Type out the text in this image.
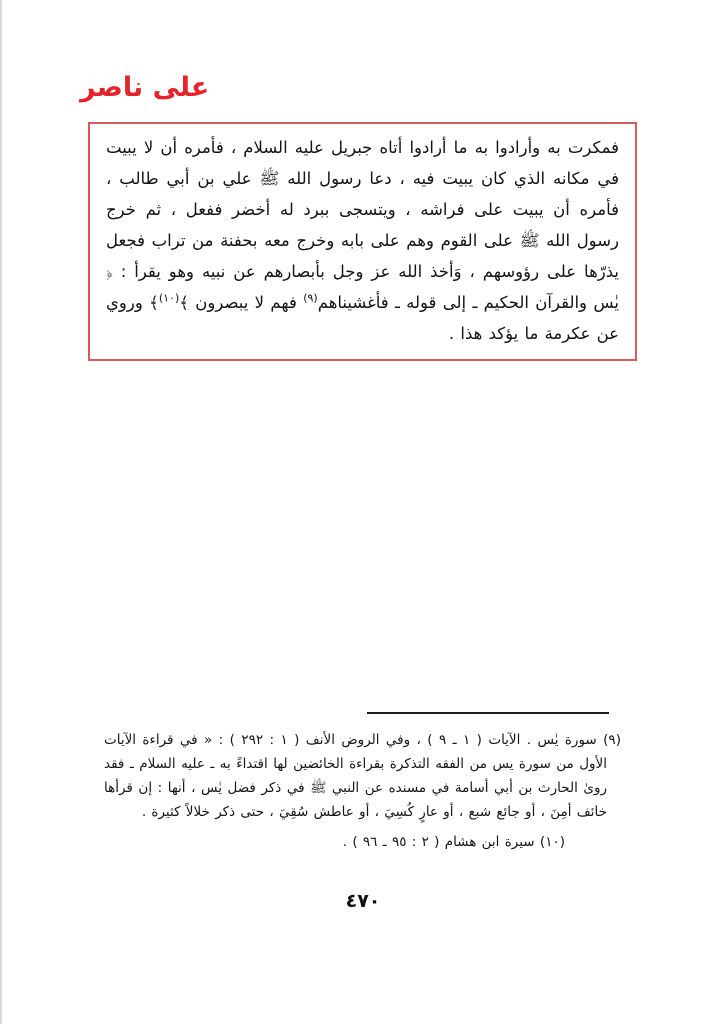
على ناصر

فمكرت به وأرادوا به ما أرادوا أتاه جبريل عليه السلام ، فأمره أن لا يبيت في مكانه الذي كان يبيت فيه ، دعا رسول الله ﷺ علي بن أبي طالب ، فأمره أن يبيت على فراشه ، ويتسجى ببرد له أخضر ففعل ، ثم خرج رسول الله ﷺ على القوم وهم على بابه وخرج معه بحفنة من تراب فجعل يذرّها على رؤوسهم ، وَأخذ الله عز وجل بأبصارهم عن نبيه وهو يقرأ : ﴿ يٰس والقرآن الحكيم ـ إلى قوله ـ فأغشيناهم$^{(٩)}$ فهم لا يبصرون ﴾$^{(١٠)}$﴾ وروي عن عكرمة ما يؤكد هذا .

(٩) سورة يٰس . الآيات ( ١ ـ ٩ ) ، وفي الروض الأنف ( ١ : ٢٩٢ ) : « في قراءة الآيات الأول من سورة يس من الفقه التذكرة بقراءة الخائضين لها اقتداءً به ـ عليه السلام ـ فقد روىٰ الحارث بن أبي أسامة في مسنده عن النبي ﷺ في ذكر فضل يٰس ، أنها : إن قرأها خائف أمِنَ ، أو جائع شبع ، أو عارٍ كُسِيَ ، أو عاطش سُقِيَ ، حتى ذكر خلالاً كثيرة .

(١٠) سيرة ابن هشام ( ٢ : ٩٥ ـ ٩٦ ) .

٤٧٠
